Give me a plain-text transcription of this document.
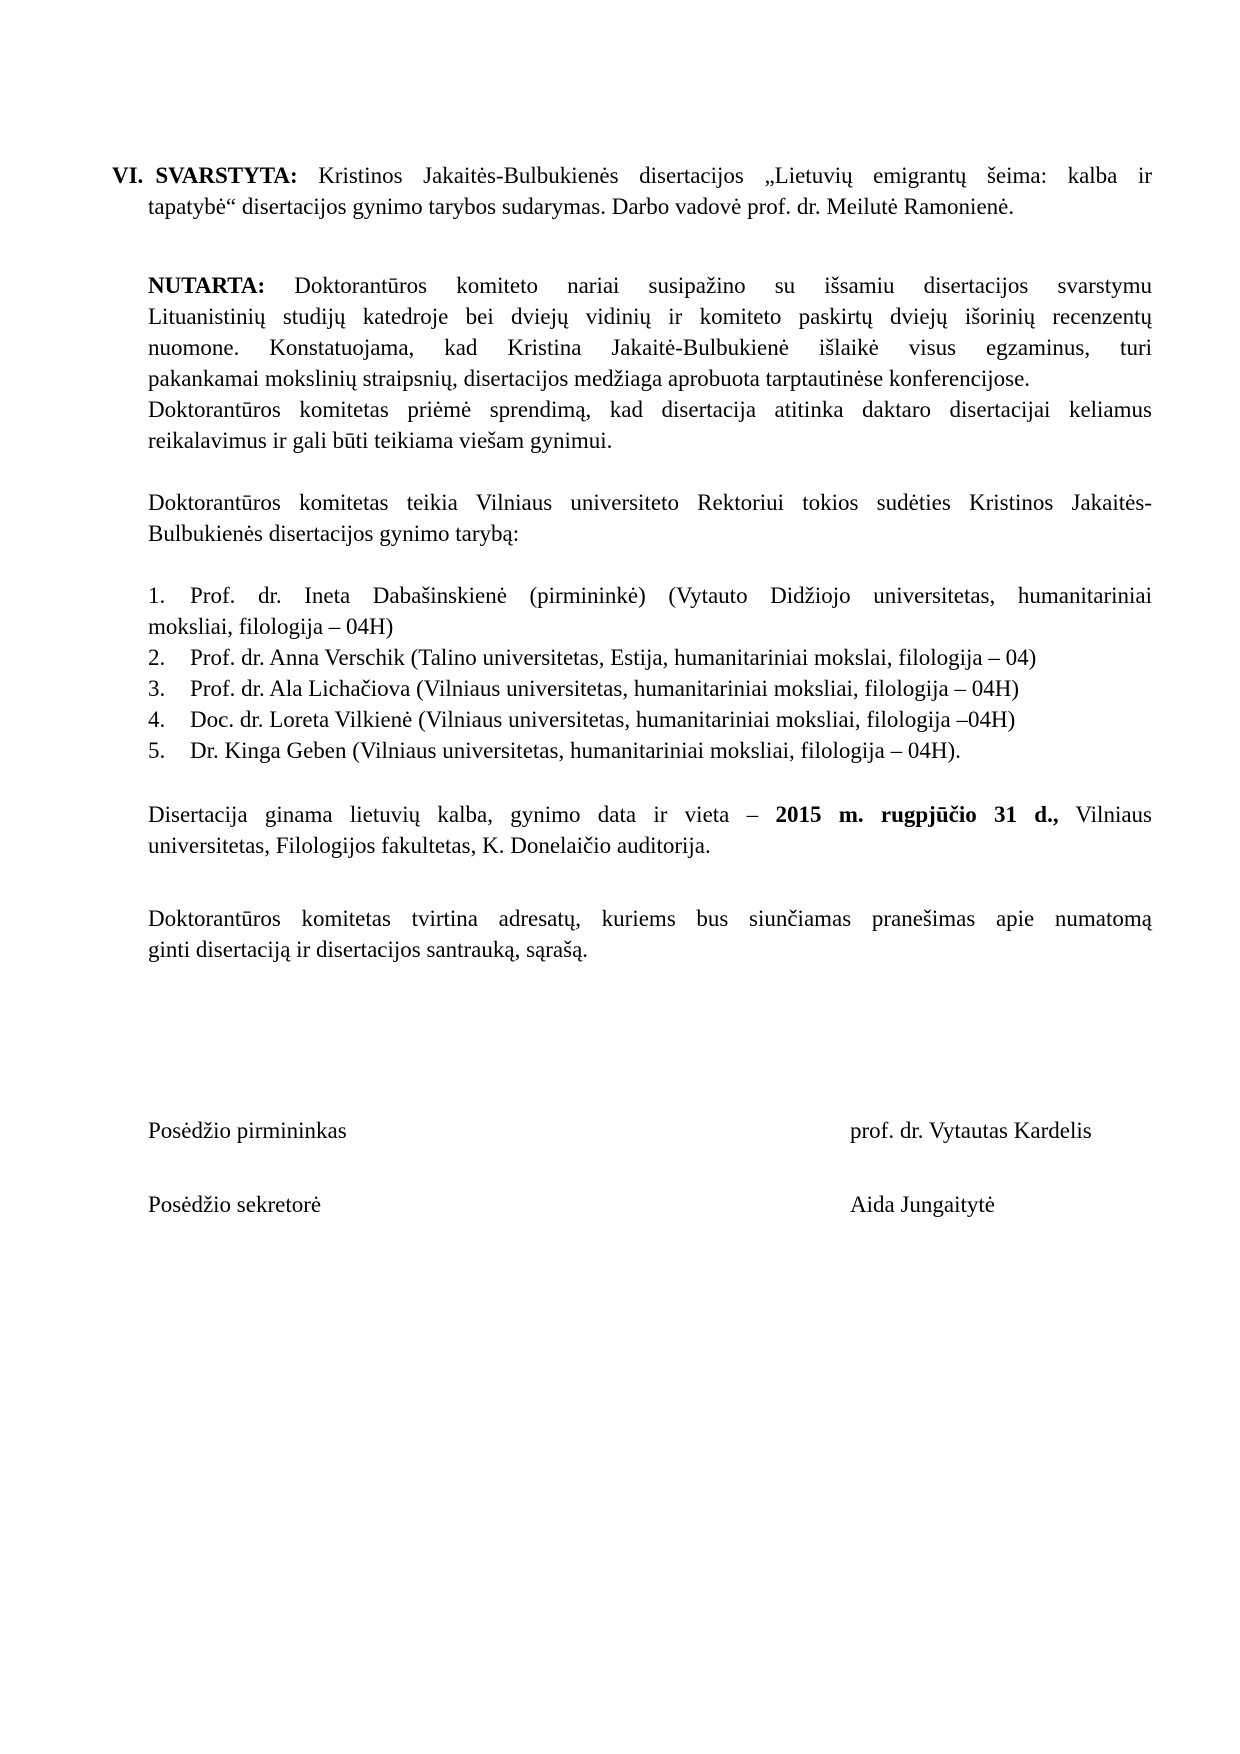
VI. SVARSTYTA: Kristinos Jakaitės-Bulbukienės disertacijos „Lietuvių emigrantų šeima: kalba ir
tapatybė“ disertacijos gynimo tarybos sudarymas. Darbo vadovė prof. dr. Meilutė Ramonienė.
NUTARTA: Doktorantūros komiteto nariai susipažino su išsamiu disertacijos svarstymu
Lituanistinių studijų katedroje bei dviejų vidinių ir komiteto paskirtų dviejų išorinių recenzentų
nuomone. Konstatuojama, kad Kristina Jakaitė-Bulbukienė išlaikė visus egzaminus, turi
pakankamai mokslinių straipsnių, disertacijos medžiaga aprobuota tarptautinėse konferencijose.
Doktorantūros komitetas priėmė sprendimą, kad disertacija atitinka daktaro disertacijai keliamus
reikalavimus ir gali būti teikiama viešam gynimui.
Doktorantūros komitetas teikia Vilniaus universiteto Rektoriui tokios sudėties Kristinos Jakaitės-
Bulbukienės disertacijos gynimo tarybą:
1. Prof. dr. Ineta Dabašinskienė (pirmininkė) (Vytauto Didžiojo universitetas, humanitariniai
moksliai, filologija – 04H)
2. Prof. dr. Anna Verschik (Talino universitetas, Estija, humanitariniai mokslai, filologija – 04)
3. Prof. dr. Ala Lichačiova (Vilniaus universitetas, humanitariniai moksliai, filologija – 04H)
4. Doc. dr. Loreta Vilkienė (Vilniaus universitetas, humanitariniai moksliai, filologija –04H)
5. Dr. Kinga Geben (Vilniaus universitetas, humanitariniai moksliai, filologija – 04H).
Disertacija ginama lietuvių kalba, gynimo data ir vieta – 2015 m. rugpjūčio 31 d., Vilniaus
universitetas, Filologijos fakultetas, K. Donelaičio auditorija.
Doktorantūros komitetas tvirtina adresatų, kuriems bus siunčiamas pranešimas apie numatomą
ginti disertaciją ir disertacijos santrauką, sąrašą.
Posėdžio pirmininkas	prof. dr. Vytautas Kardelis
Posėdžio sekretorė	Aida Jungaitytė
